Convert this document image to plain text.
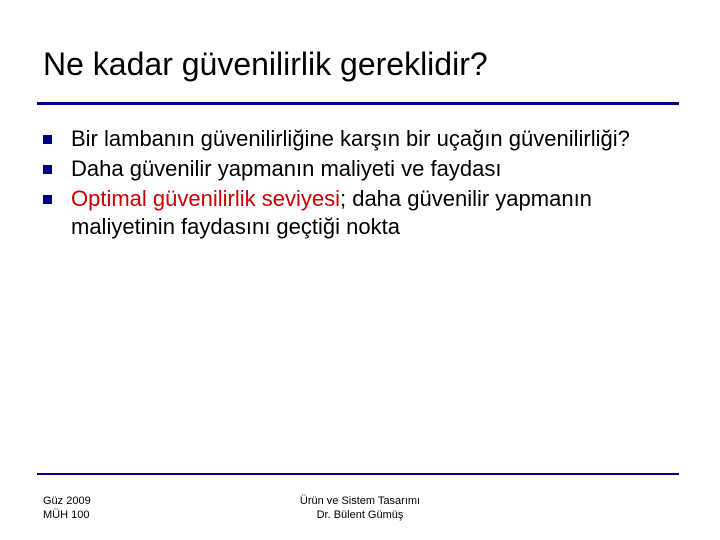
Ne kadar güvenilirlik gereklidir?
Bir lambanın güvenilirliğine karşın bir uçağın güvenilirliği?
Daha güvenilir yapmanın maliyeti ve faydası
Optimal güvenilirlik seviyesi; daha güvenilir yapmanın maliyetinin faydasını geçtiği nokta
Güz 2009
MÜH 100
Ürün ve Sistem Tasarımı
Dr. Bülent Gümüş
